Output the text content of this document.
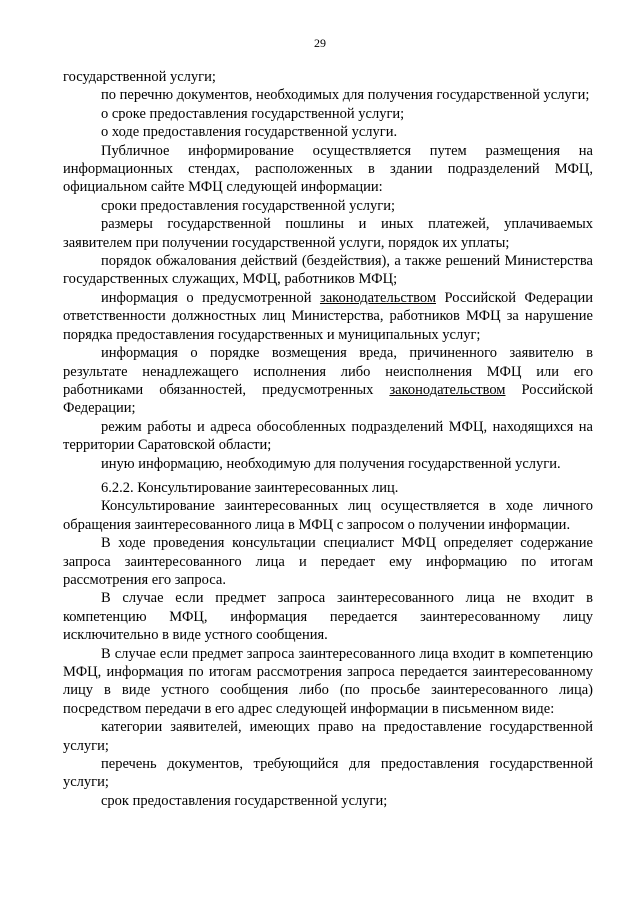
29

государственной услуги;

по перечню документов, необходимых для получения государственной услуги;

о сроке предоставления государственной услуги;

о ходе предоставления государственной услуги.

Публичное информирование осуществляется путем размещения на информационных стендах, расположенных в здании подразделений МФЦ, официальном сайте МФЦ следующей информации:

сроки предоставления государственной услуги;

размеры государственной пошлины и иных платежей, уплачиваемых заявителем при получении государственной услуги, порядок их уплаты;

порядок обжалования действий (бездействия), а также решений Министерства государственных служащих, МФЦ, работников МФЦ;

информация о предусмотренной законодательством Российской Федерации ответственности должностных лиц Министерства, работников МФЦ за нарушение порядка предоставления государственных и муниципальных услуг;

информация о порядке возмещения вреда, причиненного заявителю в результате ненадлежащего исполнения либо неисполнения МФЦ или его работниками обязанностей, предусмотренных законодательством Российской Федерации;

режим работы и адреса обособленных подразделений МФЦ, находящихся на территории Саратовской области;

иную информацию, необходимую для получения государственной услуги.

6.2.2. Консультирование заинтересованных лиц.

Консультирование заинтересованных лиц осуществляется в ходе личного обращения заинтересованного лица в МФЦ с запросом о получении информации.

В ходе проведения консультации специалист МФЦ определяет содержание запроса заинтересованного лица и передает ему информацию по итогам рассмотрения его запроса.

В случае если предмет запроса заинтересованного лица не входит в компетенцию МФЦ, информация передается заинтересованному лицу исключительно в виде устного сообщения.

В случае если предмет запроса заинтересованного лица входит в компетенцию МФЦ, информация по итогам рассмотрения запроса передается заинтересованному лицу в виде устного сообщения либо (по просьбе заинтересованного лица) посредством передачи в его адрес следующей информации в письменном виде:

категории заявителей, имеющих право на предоставление государственной услуги;

перечень документов, требующийся для предоставления государственной услуги;

срок предоставления государственной услуги;
